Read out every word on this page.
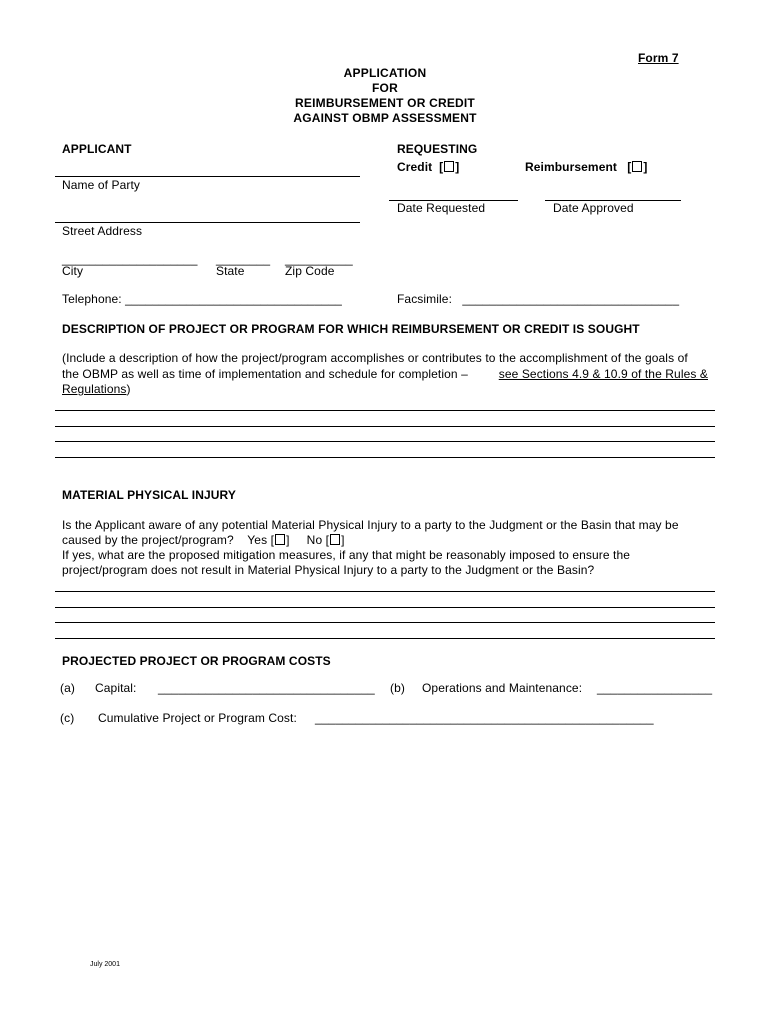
Form 7
APPLICATION
FOR
REIMBURSEMENT OR CREDIT
AGAINST OBMP ASSESSMENT
APPLICANT
Name of Party
Street Address
____________________ ________ __________
City	State	Zip Code
Telephone: ________________________________
REQUESTING
Credit  [ ]	Reimbursement   [ ]
Date Requested	Date Approved
Facsimile: ________________________________
DESCRIPTION OF PROJECT OR PROGRAM FOR WHICH REIMBURSEMENT OR CREDIT IS SOUGHT
(Include a description of how the project/program accomplishes or contributes to the accomplishment of the goals of
the OBMP as well as time of implementation and schedule for completion –	see Sections 4.9 & 10.9 of the Rules &
Regulations)
MATERIAL PHYSICAL INJURY
Is the Applicant aware of any potential Material Physical Injury to a party to the Judgment or the Basin that may be
caused by the project/program? Yes [ ]     No [ ]
If yes, what are the proposed mitigation measures, if any that might be reasonably imposed to ensure the
project/program does not result in Material Physical Injury to a party to the Judgment or the Basin?
PROJECTED PROJECT OR PROGRAM COSTS
(a) Capital: ________________________________ (b) Operations and Maintenance: _________________
(c) Cumulative Project or Program Cost: __________________________________________________
July 2001
